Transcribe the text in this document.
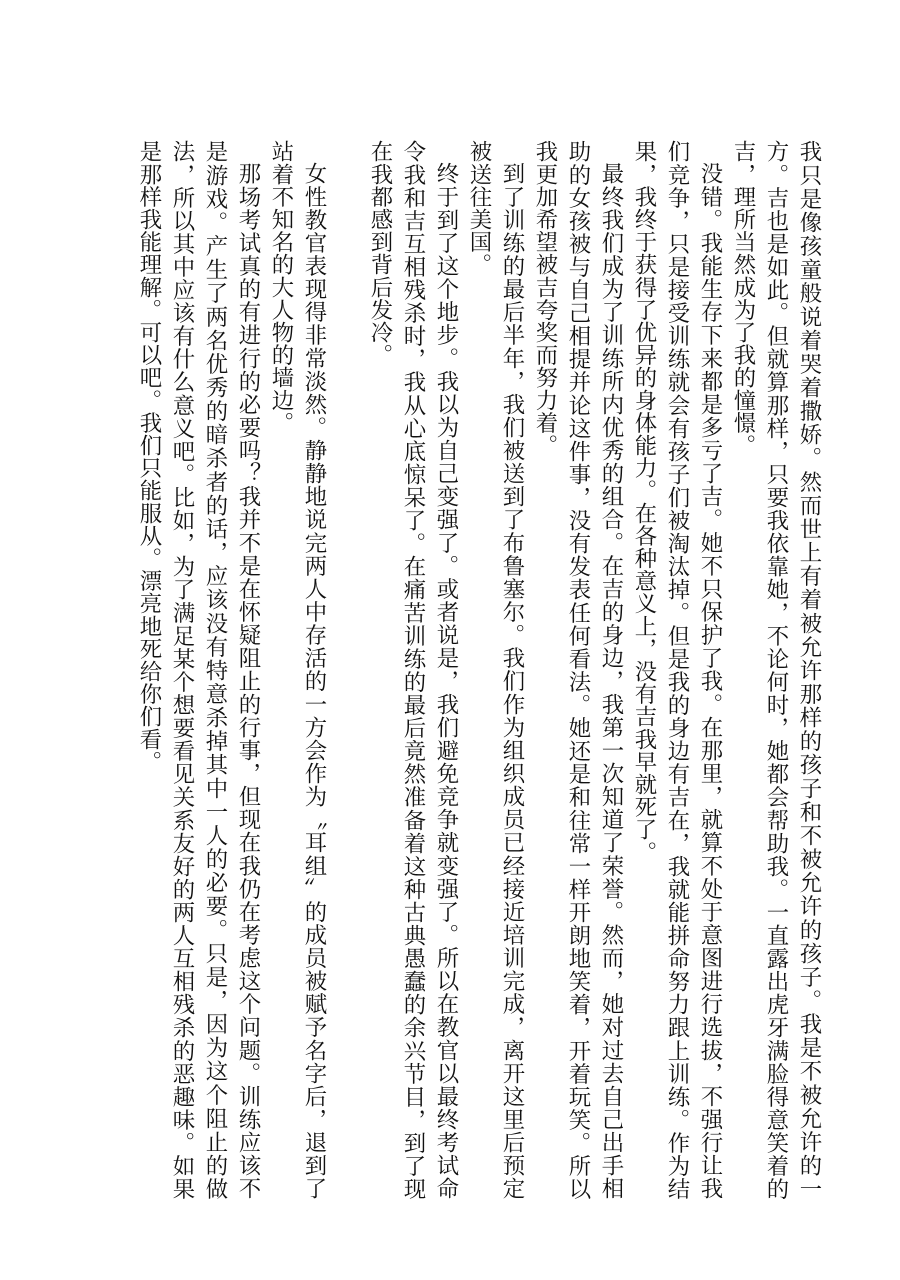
我只是像孩童般说着哭着撒娇。然而世上有着被允许那样的孩子和不被允许的孩子。我是不被允许的一方。吉也是如此。但就算那样，只要我依靠她，不论何时，她都会帮助我。一直露出虎牙满脸得意笑着的吉，理所当然成为了我的憧憬。

没错。我能生存下来都是多亏了吉。她不只保护了我。在那里，就算不处于意图进行选拔，不强行让我们竞争，只是接受训练就会有孩子们被淘汰掉。但是我的身边有吉在，我就能拼命努力跟上训练。作为结果，我终于获得了优异的身体能力。在各种意义上，没有吉我早就死了。

最终我们成为了训练所内优秀的组合。在吉的身边，我第一次知道了荣誉。然而，她对过去自己出手相助的女孩被与自己相提并论这件事，没有发表任何看法。她还是和往常一样开朗地笑着，开着玩笑。所以我更加希望被吉夸奖而努力着。

到了训练的最后半年，我们被送到了布鲁塞尔。我们作为组织成员已经接近培训完成，离开这里后预定被送往美国。

终于到了这个地步。我以为自己变强了。或者说是，我们避免竞争就变强了。所以在教官以最终考试命令我和吉互相残杀时，我从心底惊呆了。在痛苦训练的最后竟然准备着这种古典愚蠢的余兴节目，到了现在我都感到背后发冷。

女性教官表现得非常淡然。静静地说完两人中存活的一方会作为〝耳组〞的成员被赋予名字后，退到了站着不知名的大人物的墙边。

那场考试真的有进行的必要吗？我并不是在怀疑阻止的行事，但现在我仍在考虑这个问题。训练应该不是游戏。产生了两名优秀的暗杀者的话，应该没有特意杀掉其中一人的必要。只是，因为这个阻止的做法，所以其中应该有什么意义吧。比如，为了满足某个想要看见关系友好的两人互相残杀的恶趣味。如果是那样我能理解。可以吧。我们只能服从。漂亮地死给你们看。
